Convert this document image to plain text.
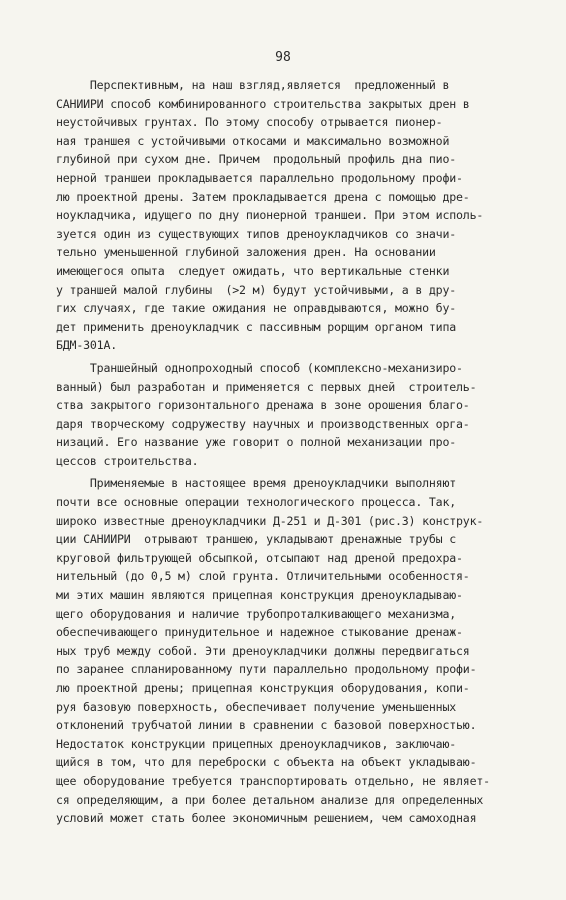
98
Перспективным, на наш взгляд,является  предложенный в
САНИИРИ способ комбинированного строительства закрытых дрен в
неустойчивых грунтах. По этому способу отрывается пионер-
ная траншея с устойчивыми откосами и максимально возможной
глубиной при сухом дне. Причем  продольный профиль дна пио-
нерной траншеи прокладывается параллельно продольному профи-
лю проектной дрены. Затем прокладывается дрена с помощью дре-
ноукладчика, идущего по дну пионерной траншеи. При этом исполь-
зуется один из существующих типов дреноукладчиков со значи-
тельно уменьшенной глубиной заложения дрен. На основании
имеющегося опыта  следует ожидать, что вертикальные стенки
у траншей малой глубины  (>2 м) будут устойчивыми, а в дру-
гих случаях, где такие ожидания не оправдываются, можно бу-
дет применить дреноукладчик с пассивным рорщим органом типа
БДМ-301А.
Траншейный однопроходный способ (комплексно-механизиро-
ванный) был разработан и применяется с первых дней  строитель-
ства закрытого горизонтального дренажа в зоне орошения благо-
даря творческому содружеству научных и производственных орга-
низаций. Его название уже говорит о полной механизации про-
цессов строительства.
Применяемые в настоящее время дреноукладчики выполняют
почти все основные операции технологического процесса. Так,
широко известные дреноукладчики Д-251 и Д-301 (рис.3) конструк-
ции САНИИРИ  отрывают траншею, укладывают дренажные трубы с
круговой фильтрующей обсыпкой, отсыпают над дреной предохра-
нительный (до 0,5 м) слой грунта. Отличительными особенностя-
ми этих машин являются прицепная конструкция дреноукладываю-
щего оборудования и наличие трубопроталкивающего механизма,
обеспечивающего принудительное и надежное стыкование дренаж-
ных труб между собой. Эти дреноукладчики должны передвигаться
по заранее спланированному пути параллельно продольному профи-
лю проектной дрены; прицепная конструкция оборудования, копи-
руя базовую поверхность, обеспечивает получение уменьшенных
отклонений трубчатой линии в сравнении с базовой поверхностью.
Недостаток конструкции прицепных дреноукладчиков, заключаю-
щийся в том, что для переброски с объекта на объект укладываю-
щее оборудование требуется транспортировать отдельно, не являет-
ся определяющим, а при более детальном анализе для определенных
условий может стать более экономичным решением, чем самоходная
